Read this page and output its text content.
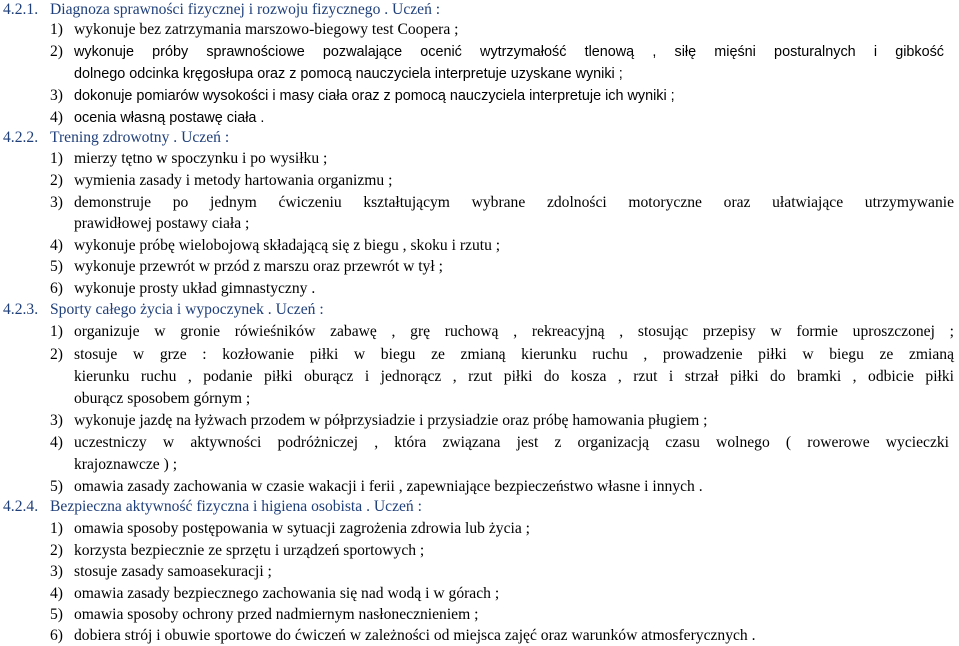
4.2.1. Diagnoza sprawności fizycznej i rozwoju fizycznego . Uczeń :
1) wykonuje bez zatrzymania marszowo-biegowy test Coopera ;
2) wykonuje próby sprawnościowe pozwalające ocenić wytrzymałość tlenową , siłę mięśni posturalnych i gibkość
dolnego odcinka kręgosłupa oraz z pomocą nauczyciela interpretuje uzyskane wyniki ;
3) dokonuje pomiarów wysokości i masy ciała oraz z pomocą nauczyciela interpretuje ich wyniki ;
4) ocenia własną postawę ciała .
4.2.2. Trening zdrowotny . Uczeń :
1) mierzy tętno w spoczynku i po wysiłku ;
2) wymienia zasady i metody hartowania organizmu ;
3) demonstruje po jednym ćwiczeniu kształtującym wybrane zdolności motoryczne oraz ułatwiające utrzymywanie
prawidłowej postawy ciała ;
4) wykonuje próbę wielobojową składającą się z biegu , skoku i rzutu ;
5) wykonuje przewrót w przód z marszu oraz przewrót w tył ;
6) wykonuje prosty układ gimnastyczny .
4.2.3. Sporty całego życia i wypoczynek . Uczeń :
1) organizuje w gronie rówieśników zabawę , grę ruchową , rekreacyjną , stosując przepisy w formie uproszczonej ;
2) stosuje w grze : kozłowanie piłki w biegu ze zmianą kierunku ruchu , prowadzenie piłki w biegu ze zmianą
kierunku ruchu , podanie piłki oburącz i jednorącz , rzut piłki do kosza , rzut i strzał piłki do bramki , odbicie piłki
oburącz sposobem górnym ;
3) wykonuje jazdę na łyżwach przodem w półprzysiadzie i przysiadzie oraz próbę hamowania pługiem ;
4) uczestniczy w aktywności podróżniczej , która związana jest z organizacją czasu wolnego ( rowerowe wycieczki
krajoznawcze ) ;
5) omawia zasady zachowania w czasie wakacji i ferii , zapewniające bezpieczeństwo własne i innych .
4.2.4. Bezpieczna aktywność fizyczna i higiena osobista . Uczeń :
1) omawia sposoby postępowania w sytuacji zagrożenia zdrowia lub życia ;
2) korzysta bezpiecznie ze sprzętu i urządzeń sportowych ;
3) stosuje zasady samoasekuracji ;
4) omawia zasady bezpiecznego zachowania się nad wodą i w górach ;
5) omawia sposoby ochrony przed nadmiernym nasłonecznieniem ;
6) dobiera strój i obuwie sportowe do ćwiczeń w zależności od miejsca zajęć oraz warunków atmosferycznych .
